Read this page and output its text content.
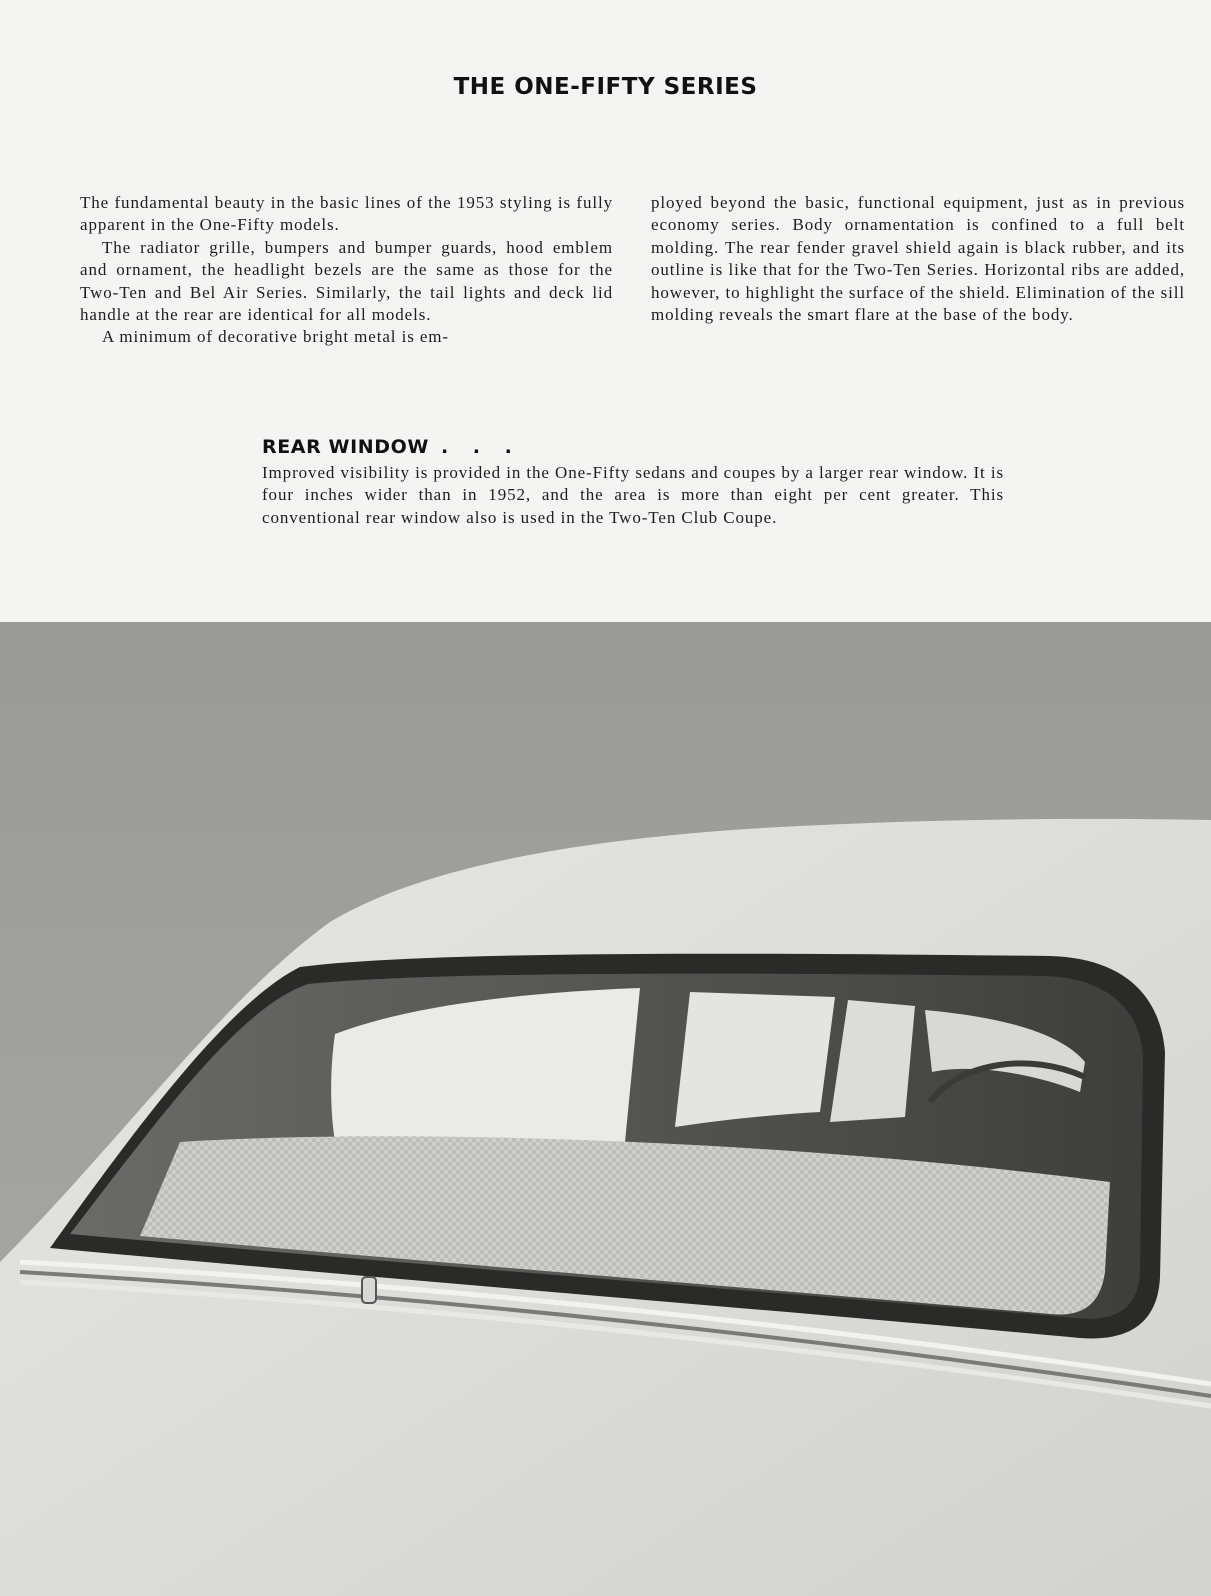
THE ONE-FIFTY SERIES

The fundamental beauty in the basic lines of the 1953 styling is fully apparent in the One-Fifty models.

The radiator grille, bumpers and bumper guards, hood emblem and ornament, the headlight bezels are the same as those for the Two-Ten and Bel Air Series. Similarly, the tail lights and deck lid handle at the rear are identical for all models.

A minimum of decorative bright metal is em-

ployed beyond the basic, functional equipment, just as in previous economy series. Body ornamentation is confined to a full belt molding. The rear fender gravel shield again is black rubber, and its outline is like that for the Two-Ten Series. Horizontal ribs are added, however, to highlight the surface of the shield. Elimination of the sill molding reveals the smart flare at the base of the body.

REAR WINDOW . . .
Improved visibility is provided in the One-Fifty sedans and coupes by a larger rear window. It is four inches wider than in 1952, and the area is more than eight per cent greater. This conventional rear window also is used in the Two-Ten Club Coupe.
